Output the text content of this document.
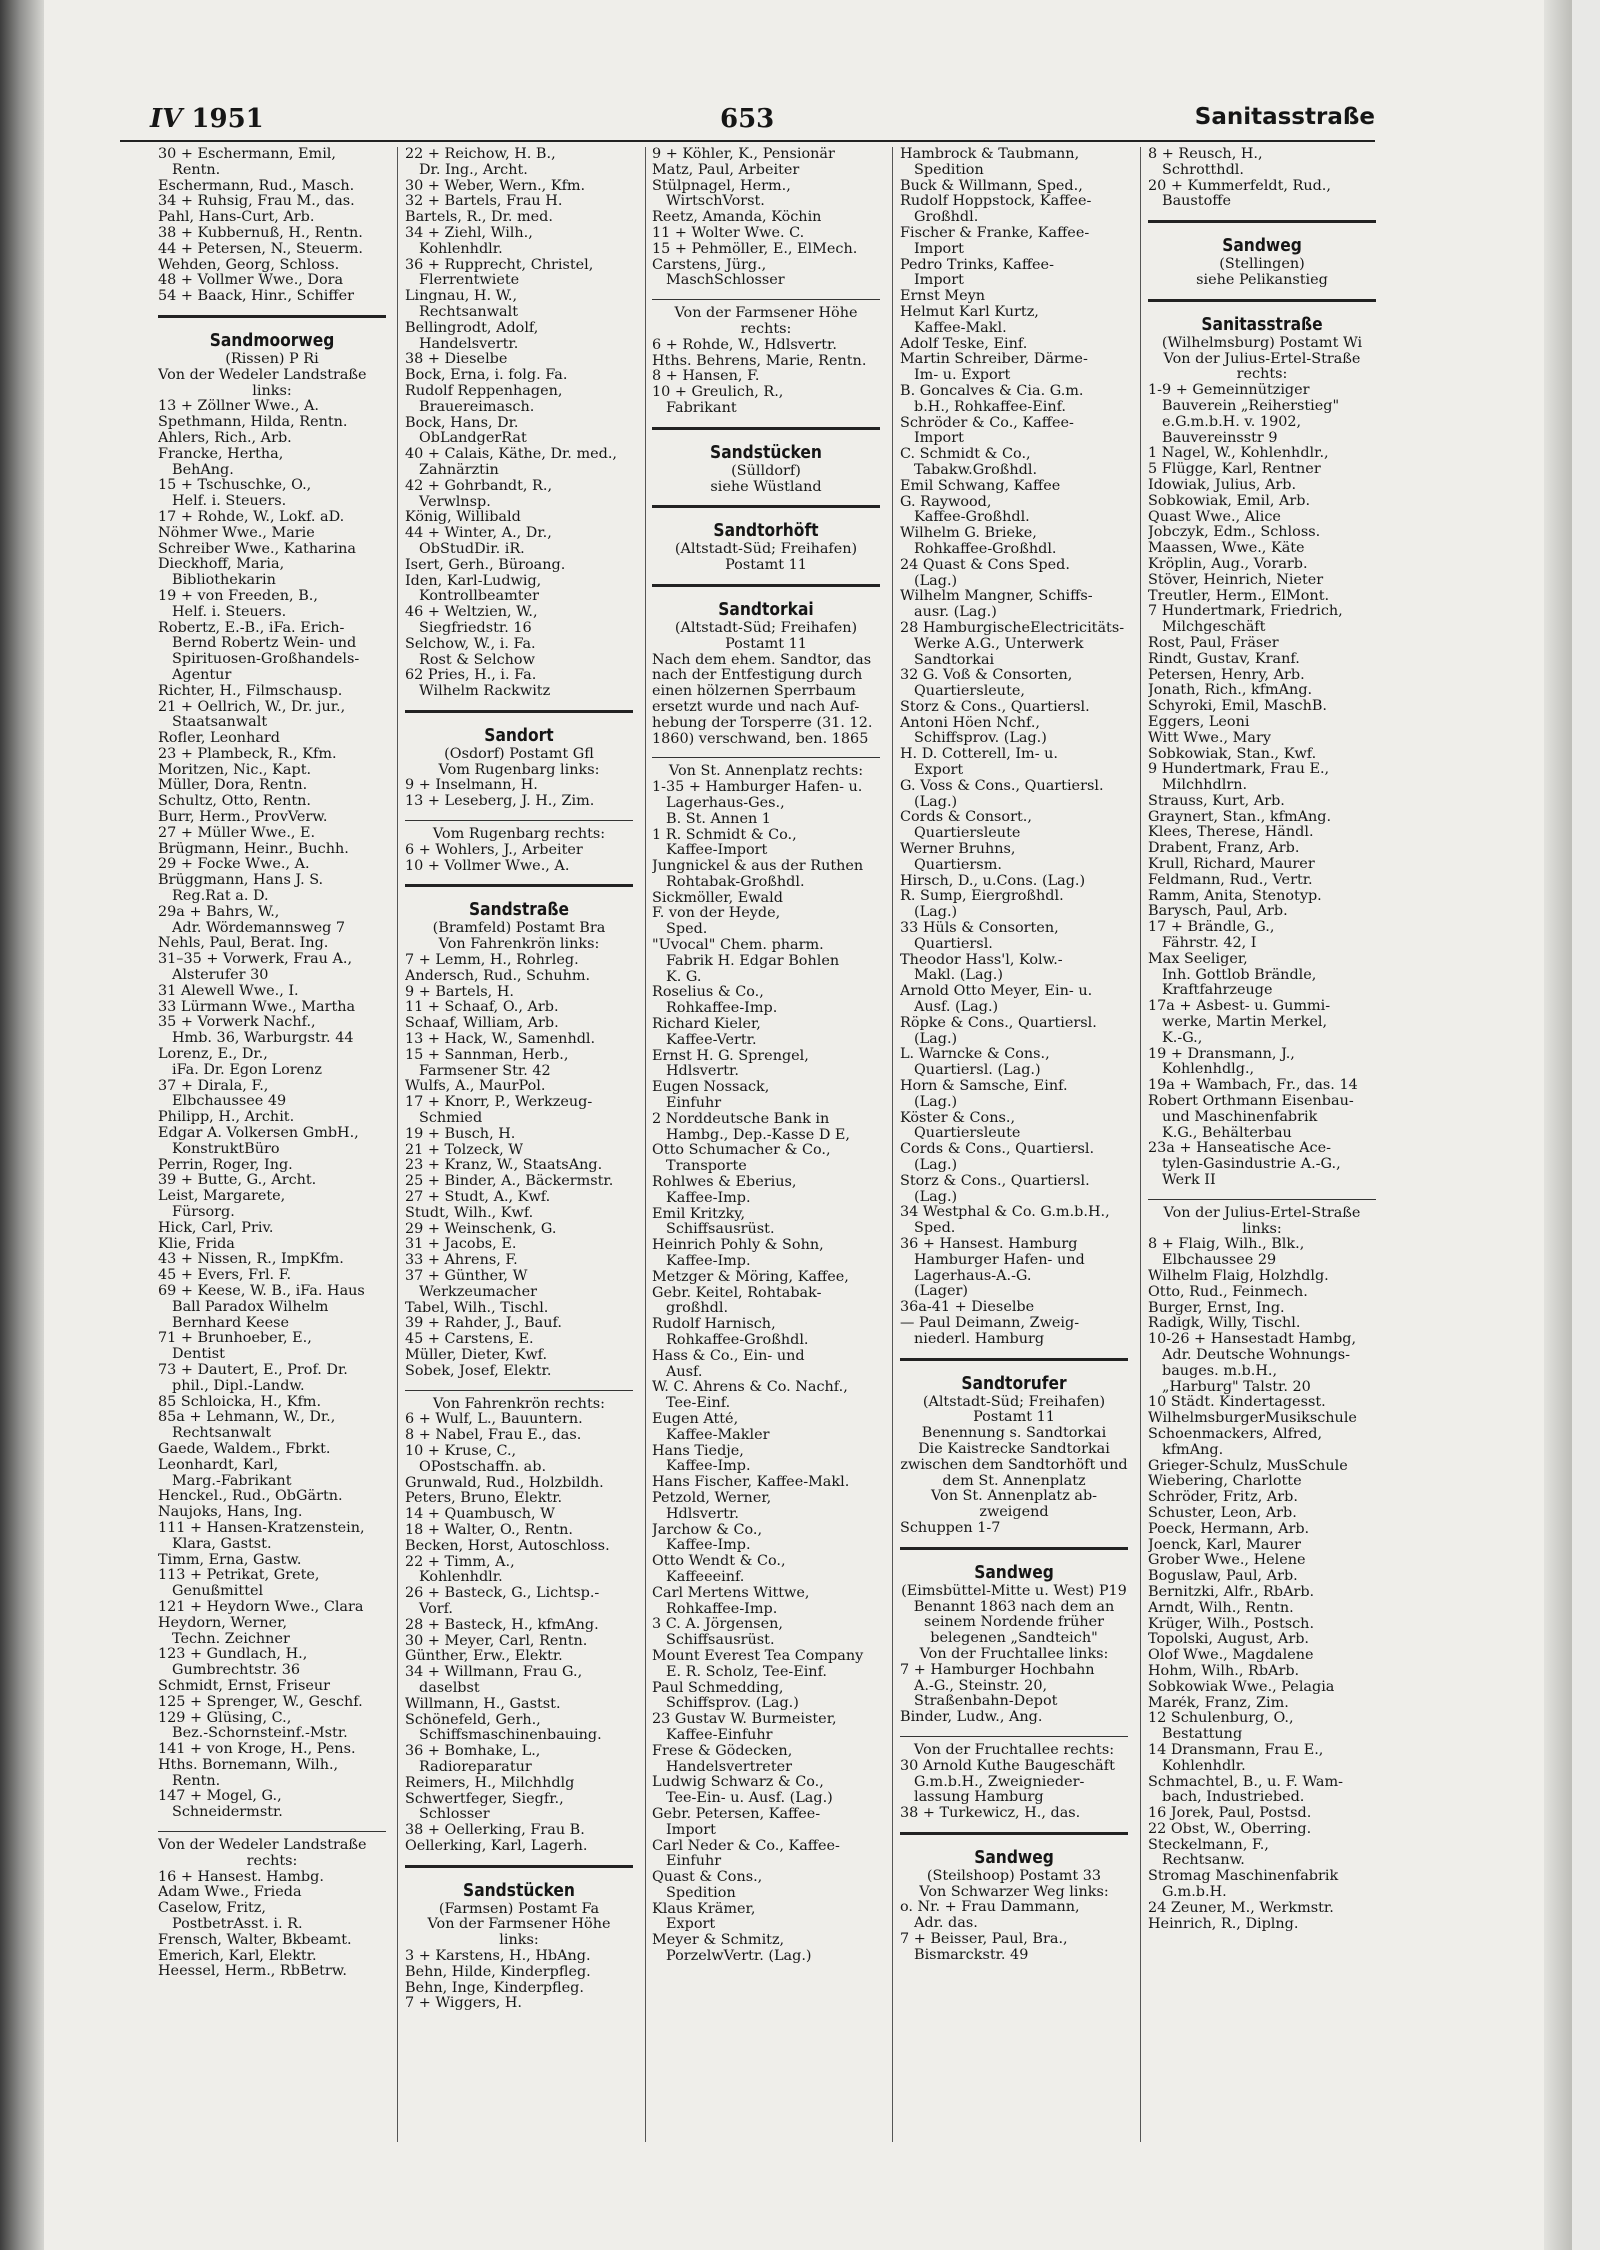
IV 1951	653	Sanitasstraße
30 + Eschermann, Emil,
Rentn.
Eschermann, Rud., Masch.
34 + Ruhsig, Frau M., das.
Pahl, Hans-Curt, Arb.
38 + Kubbernuß, H., Rentn.
44 + Petersen, N., Steuerm.
Wehden, Georg, Schloss.
48 + Vollmer Wwe., Dora
54 + Baack, Hinr., Schiffer
Sandmoorweg
(Rissen) P Ri
Von der Wedeler Landstraße
links:
13 + Zöllner Wwe., A.
Spethmann, Hilda, Rentn.
Ahlers, Rich., Arb.
Francke, Hertha,
BehAng.
15 + Tschuschke, O.,
Helf. i. Steuers.
17 + Rohde, W., Lokf. aD.
Nöhmer Wwe., Marie
Schreiber Wwe., Katharina
Dieckhoff, Maria,
Bibliothekarin
19 + von Freeden, B.,
Helf. i. Steuers.
Robertz, E.-B., iFa. Erich-
Bernd Robertz Wein- und
Spirituosen-Großhandels-
Agentur
Richter, H., Filmschausp.
21 + Oellrich, W., Dr. jur.,
Staatsanwalt
Rofler, Leonhard
23 + Plambeck, R., Kfm.
Moritzen, Nic., Kapt.
Müller, Dora, Rentn.
Schultz, Otto, Rentn.
Burr, Herm., ProvVerw.
27 + Müller Wwe., E.
Brügmann, Heinr., Buchh.
29 + Focke Wwe., A.
Brüggmann, Hans J. S.
Reg.Rat a. D.
29a + Bahrs, W.,
Adr. Wördemannsweg 7
Nehls, Paul, Berat. Ing.
31–35 + Vorwerk, Frau A.,
Alsterufer 30
31 Alewell Wwe., I.
33 Lürmann Wwe., Martha
35 + Vorwerk Nachf.,
Hmb. 36, Warburgstr. 44
Lorenz, E., Dr.,
iFa. Dr. Egon Lorenz
37 + Dirala, F.,
Elbchaussee 49
Philipp, H., Archit.
Edgar A. Volkersen GmbH.,
KonstruktBüro
Perrin, Roger, Ing.
39 + Butte, G., Archt.
Leist, Margarete,
Fürsorg.
Hick, Carl, Priv.
Klie, Frida
43 + Nissen, R., ImpKfm.
45 + Evers, Frl. F.
69 + Keese, W. B., iFa. Haus
Ball Paradox Wilhelm
Bernhard Keese
71 + Brunhoeber, E.,
Dentist
73 + Dautert, E., Prof. Dr.
phil., Dipl.-Landw.
85 Schloicka, H., Kfm.
85a + Lehmann, W., Dr.,
Rechtsanwalt
Gaede, Waldem., Fbrkt.
Leonhardt, Karl,
Marg.-Fabrikant
Henckel., Rud., ObGärtn.
Naujoks, Hans, Ing.
111 + Hansen-Kratzenstein,
Klara, Gastst.
Timm, Erna, Gastw.
113 + Petrikat, Grete,
Genußmittel
121 + Heydorn Wwe., Clara
Heydorn, Werner,
Techn. Zeichner
123 + Gundlach, H.,
Gumbrechtstr. 36
Schmidt, Ernst, Friseur
125 + Sprenger, W., Geschf.
129 + Glüsing, C.,
Bez.-Schornsteinf.-Mstr.
141 + von Kroge, H., Pens.
Hths. Bornemann, Wilh.,
Rentn.
147 + Mogel, G.,
Schneidermstr.
Von der Wedeler Landstraße
rechts:
16 + Hansest. Hambg.
Adam Wwe., Frieda
Caselow, Fritz,
PostbetrAsst. i. R.
Frensch, Walter, Bkbeamt.
Emerich, Karl, Elektr.
Heessel, Herm., RbBetrw.
22 + Reichow, H. B.,
Dr. Ing., Archt.
30 + Weber, Wern., Kfm.
32 + Bartels, Frau H.
Bartels, R., Dr. med.
34 + Ziehl, Wilh.,
Kohlenhdlr.
36 + Rupprecht, Christel,
Flerrentwiete
Lingnau, H. W.,
Rechtsanwalt
Bellingrodt, Adolf,
Handelsvertr.
38 + Dieselbe
Bock, Erna, i. folg. Fa.
Rudolf Reppenhagen,
Brauereimasch.
Bock, Hans, Dr.
ObLandgerRat
40 + Calais, Käthe, Dr. med.,
Zahnärztin
42 + Gohrbandt, R.,
Verwlnsp.
König, Willibald
44 + Winter, A., Dr.,
ObStudDir. iR.
Isert, Gerh., Büroang.
Iden, Karl-Ludwig,
Kontrollbeamter
46 + Weltzien, W.,
Siegfriedstr. 16
Selchow, W., i. Fa.
Rost & Selchow
62 Pries, H., i. Fa.
Wilhelm Rackwitz
Sandort
(Osdorf) Postamt Gfl
Vom Rugenbarg links:
9 + Inselmann, H.
13 + Leseberg, J. H., Zim.
Vom Rugenbarg rechts:
6 + Wohlers, J., Arbeiter
10 + Vollmer Wwe., A.
Sandstraße
(Bramfeld) Postamt Bra
Von Fahrenkrön links:
7 + Lemm, H., Rohrleg.
Andersch, Rud., Schuhm.
9 + Bartels, H.
11 + Schaaf, O., Arb.
Schaaf, William, Arb.
13 + Hack, W., Samenhdl.
15 + Sannman, Herb.,
Farmsener Str. 42
Wulfs, A., MaurPol.
17 + Knorr, P., Werkzeug-
Schmied
19 + Busch, H.
21 + Tolzeck, W
23 + Kranz, W., StaatsAng.
25 + Binder, A., Bäckermstr.
27 + Studt, A., Kwf.
Studt, Wilh., Kwf.
29 + Weinschenk, G.
31 + Jacobs, E.
33 + Ahrens, F.
37 + Günther, W
Werkzeumacher
Tabel, Wilh., Tischl.
39 + Rahder, J., Bauf.
45 + Carstens, E.
Müller, Dieter, Kwf.
Sobek, Josef, Elektr.
Von Fahrenkrön rechts:
6 + Wulf, L., Bauuntern.
8 + Nabel, Frau E., das.
10 + Kruse, C.,
OPostschaffn. ab.
Grunwald, Rud., Holzbildh.
Peters, Bruno, Elektr.
14 + Quambusch, W
18 + Walter, O., Rentn.
Becken, Horst, Autoschloss.
22 + Timm, A.,
Kohlenhdlr.
26 + Basteck, G., Lichtsp.-
Vorf.
28 + Basteck, H., kfmAng.
30 + Meyer, Carl, Rentn.
Günther, Erw., Elektr.
34 + Willmann, Frau G.,
daselbst
Willmann, H., Gastst.
Schönefeld, Gerh.,
Schiffsmaschinenbauing.
36 + Bomhake, L.,
Radioreparatur
Reimers, H., Milchhdlg
Schwertfeger, Siegfr.,
Schlosser
38 + Oellerking, Frau B.
Oellerking, Karl, Lagerh.
Sandstücken
(Farmsen) Postamt Fa
Von der Farmsener Höhe
links:
3 + Karstens, H., HbAng.
Behn, Hilde, Kinderpfleg.
Behn, Inge, Kinderpfleg.
7 + Wiggers, H.
9 + Köhler, K., Pensionär
Matz, Paul, Arbeiter
Stülpnagel, Herm.,
WirtschVorst.
Reetz, Amanda, Köchin
11 + Wolter Wwe. C.
15 + Pehmöller, E., ElMech.
Carstens, Jürg.,
MaschSchlosser
Von der Farmsener Höhe
rechts:
6 + Rohde, W., Hdlsvertr.
Hths. Behrens, Marie, Rentn.
8 + Hansen, F.
10 + Greulich, R.,
Fabrikant
Sandstücken
(Sülldorf)
siehe Wüstland
Sandtorhöft
(Altstadt-Süd; Freihafen)
Postamt 11
Sandtorkai
(Altstadt-Süd; Freihafen)
Postamt 11
Nach dem ehem. Sandtor, das
nach der Entfestigung durch
einen hölzernen Sperrbaum
ersetzt wurde und nach Auf-
hebung der Torsperre (31. 12.
1860) verschwand, ben. 1865
Von St. Annenplatz rechts:
1-35 + Hamburger Hafen- u.
Lagerhaus-Ges.,
B. St. Annen 1
1 R. Schmidt & Co.,
Kaffee-Import
Jungnickel & aus der Ruthen
Rohtabak-Großhdl.
Sickmöller, Ewald
F. von der Heyde,
Sped.
"Uvocal" Chem. pharm.
Fabrik H. Edgar Bohlen
K. G.
Roselius & Co.,
Rohkaffee-Imp.
Richard Kieler,
Kaffee-Vertr.
Ernst H. G. Sprengel,
Hdlsvertr.
Eugen Nossack,
Einfuhr
2 Norddeutsche Bank in
Hambg., Dep.-Kasse D E,
Otto Schumacher & Co.,
Transporte
Rohlwes & Eberius,
Kaffee-Imp.
Emil Kritzky,
Schiffsausrüst.
Heinrich Pohly & Sohn,
Kaffee-Imp.
Metzger & Möring, Kaffee,
Gebr. Keitel, Rohtabak-
großhdl.
Rudolf Harnisch,
Rohkaffee-Großhdl.
Hass & Co., Ein- und
Ausf.
W. C. Ahrens & Co. Nachf.,
Tee-Einf.
Eugen Atté,
Kaffee-Makler
Hans Tiedje,
Kaffee-Imp.
Hans Fischer, Kaffee-Makl.
Petzold, Werner,
Hdlsvertr.
Jarchow & Co.,
Kaffee-Imp.
Otto Wendt & Co.,
Kaffeeeinf.
Carl Mertens Wittwe,
Rohkaffee-Imp.
3 C. A. Jörgensen,
Schiffsausrüst.
Mount Everest Tea Company
E. R. Scholz, Tee-Einf.
Paul Schmedding,
Schiffsprov. (Lag.)
23 Gustav W. Burmeister,
Kaffee-Einfuhr
Frese & Gödecken,
Handelsvertreter
Ludwig Schwarz & Co.,
Tee-Ein- u. Ausf. (Lag.)
Gebr. Petersen, Kaffee-
Import
Carl Neder & Co., Kaffee-
Einfuhr
Quast & Cons.,
Spedition
Klaus Krämer,
Export
Meyer & Schmitz,
PorzelwVertr. (Lag.)
Hambrock & Taubmann,
Spedition
Buck & Willmann, Sped.,
Rudolf Hoppstock, Kaffee-
Großhdl.
Fischer & Franke, Kaffee-
Import
Pedro Trinks, Kaffee-
Import
Ernst Meyn
Helmut Karl Kurtz,
Kaffee-Makl.
Adolf Teske, Einf.
Martin Schreiber, Därme-
Im- u. Export
B. Goncalves & Cia. G.m.
b.H., Rohkaffee-Einf.
Schröder & Co., Kaffee-
Import
C. Schmidt & Co.,
Tabakw.Großhdl.
Emil Schwang, Kaffee
G. Raywood,
Kaffee-Großhdl.
Wilhelm G. Brieke,
Rohkaffee-Großhdl.
24 Quast & Cons Sped.
(Lag.)
Wilhelm Mangner, Schiffs-
ausr. (Lag.)
28 HamburgischeElectricitäts-
Werke A.G., Unterwerk
Sandtorkai
32 G. Voß & Consorten,
Quartiersleute,
Storz & Cons., Quartiersl.
Antoni Höen Nchf.,
Schiffsprov. (Lag.)
H. D. Cotterell, Im- u.
Export
G. Voss & Cons., Quartiersl.
(Lag.)
Cords & Consort.,
Quartiersleute
Werner Bruhns,
Quartiersm.
Hirsch, D., u.Cons. (Lag.)
R. Sump, Eiergroßhdl.
(Lag.)
33 Hüls & Consorten,
Quartiersl.
Theodor Hass'l, Kolw.-
Makl. (Lag.)
Arnold Otto Meyer, Ein- u.
Ausf. (Lag.)
Röpke & Cons., Quartiersl.
(Lag.)
L. Warncke & Cons.,
Quartiersl. (Lag.)
Horn & Samsche, Einf.
(Lag.)
Köster & Cons.,
Quartiersleute
Cords & Cons., Quartiersl.
(Lag.)
Storz & Cons., Quartiersl.
(Lag.)
34 Westphal & Co. G.m.b.H.,
Sped.
36 + Hansest. Hamburg
Hamburger Hafen- und
Lagerhaus-A.-G.
(Lager)
36a-41 + Dieselbe
— Paul Deimann, Zweig-
niederl. Hamburg
Sandtorufer
(Altstadt-Süd; Freihafen)
Postamt 11
Benennung s. Sandtorkai
Die Kaistrecke Sandtorkai
zwischen dem Sandtorhöft und
dem St. Annenplatz
Von St. Annenplatz ab-
zweigend
Schuppen 1-7
Sandweg
(Eimsbüttel-Mitte u. West) P19
Benannt 1863 nach dem an
seinem Nordende früher
belegenen „Sandteich"
Von der Fruchtallee links:
7 + Hamburger Hochbahn
A.-G., Steinstr. 20,
Straßenbahn-Depot
Binder, Ludw., Ang.
Von der Fruchtallee rechts:
30 Arnold Kuthe Baugeschäft
G.m.b.H., Zweignieder-
lassung Hamburg
38 + Turkewicz, H., das.
Sandweg
(Steilshoop) Postamt 33
Von Schwarzer Weg links:
o. Nr. + Frau Dammann,
Adr. das.
7 + Beisser, Paul, Bra.,
Bismarckstr. 49
8 + Reusch, H.,
Schrotthdl.
20 + Kummerfeldt, Rud.,
Baustoffe
Sandweg
(Stellingen)
siehe Pelikanstieg
Sanitasstraße
(Wilhelmsburg) Postamt Wi
Von der Julius-Ertel-Straße
rechts:
1-9 + Gemeinnütziger
Bauverein „Reiherstieg"
e.G.m.b.H. v. 1902,
Bauvereinsstr 9
1 Nagel, W., Kohlenhdlr.,
5 Flügge, Karl, Rentner
Idowiak, Julius, Arb.
Sobkowiak, Emil, Arb.
Quast Wwe., Alice
Jobczyk, Edm., Schloss.
Maassen, Wwe., Käte
Kröplin, Aug., Vorarb.
Stöver, Heinrich, Nieter
Treutler, Herm., ElMont.
7 Hundertmark, Friedrich,
Milchgeschäft
Rost, Paul, Fräser
Rindt, Gustav, Kranf.
Petersen, Henry, Arb.
Jonath, Rich., kfmAng.
Schyroki, Emil, MaschB.
Eggers, Leoni
Witt Wwe., Mary
Sobkowiak, Stan., Kwf.
9 Hundertmark, Frau E.,
Milchhdlrn.
Strauss, Kurt, Arb.
Graynert, Stan., kfmAng.
Klees, Therese, Händl.
Drabent, Franz, Arb.
Krull, Richard, Maurer
Feldmann, Rud., Vertr.
Ramm, Anita, Stenotyp.
Barysch, Paul, Arb.
17 + Brändle, G.,
Fährstr. 42, I
Max Seeliger,
Inh. Gottlob Brändle,
Kraftfahrzeuge
17a + Asbest- u. Gummi-
werke, Martin Merkel,
K.-G.,
19 + Dransmann, J.,
Kohlenhdlg.,
19a + Wambach, Fr., das. 14
Robert Orthmann Eisenbau-
und Maschinenfabrik
K.G., Behälterbau
23a + Hanseatische Ace-
tylen-Gasindustrie A.-G.,
Werk II
Von der Julius-Ertel-Straße
links:
8 + Flaig, Wilh., Blk.,
Elbchaussee 29
Wilhelm Flaig, Holzhdlg.
Otto, Rud., Feinmech.
Burger, Ernst, Ing.
Radigk, Willy, Tischl.
10-26 + Hansestadt Hambg,
Adr. Deutsche Wohnungs-
bauges. m.b.H.,
„Harburg" Talstr. 20
10 Städt. Kindertagesst.
WilhelmsburgerMusikschule
Schoenmackers, Alfred,
kfmAng.
Grieger-Schulz, MusSchule
Wiebering, Charlotte
Schröder, Fritz, Arb.
Schuster, Leon, Arb.
Poeck, Hermann, Arb.
Joenck, Karl, Maurer
Grober Wwe., Helene
Boguslaw, Paul, Arb.
Bernitzki, Alfr., RbArb.
Arndt, Wilh., Rentn.
Krüger, Wilh., Postsch.
Topolski, August, Arb.
Olof Wwe., Magdalene
Hohm, Wilh., RbArb.
Sobkowiak Wwe., Pelagia
Marék, Franz, Zim.
12 Schulenburg, O.,
Bestattung
14 Dransmann, Frau E.,
Kohlenhdlr.
Schmachtel, B., u. F. Wam-
bach, Industriebed.
16 Jorek, Paul, Postsd.
22 Obst, W., Oberring.
Steckelmann, F.,
Rechtsanw.
Stromag Maschinenfabrik
G.m.b.H.
24 Zeuner, M., Werkmstr.
Heinrich, R., Diplng.
